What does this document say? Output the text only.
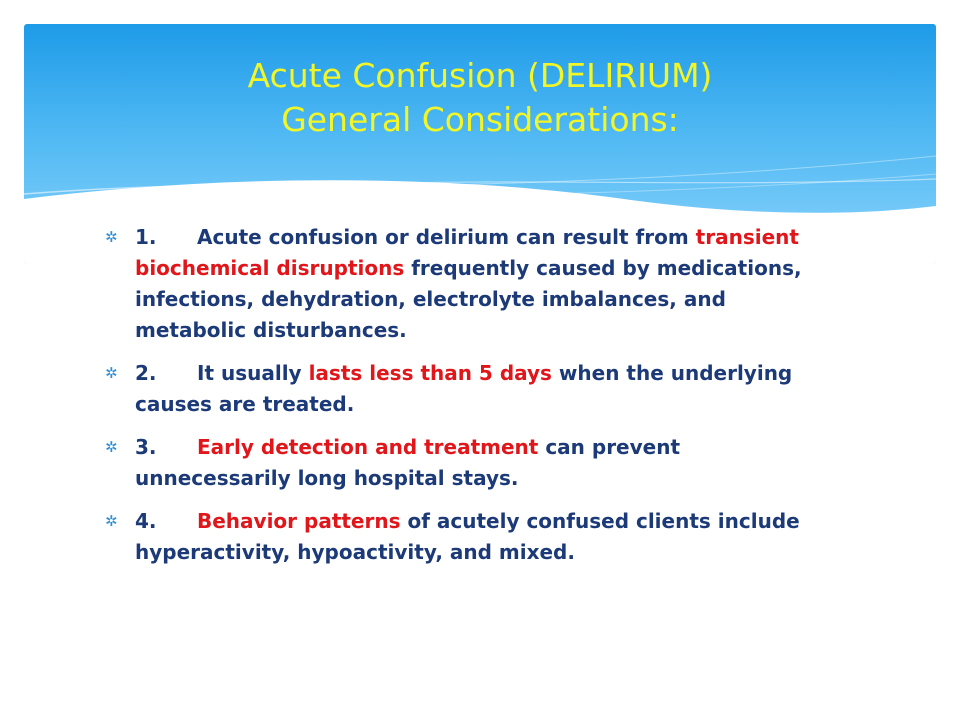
Acute Confusion (DELIRIUM)
General Considerations:
✲ 1. Acute confusion or delirium can result from transient biochemical disruptions frequently caused by medications, infections, dehydration, electrolyte imbalances, and metabolic disturbances.
✲ 2. It usually lasts less than 5 days when the underlying causes are treated.
✲ 3. Early detection and treatment can prevent unnecessarily long hospital stays.
✲ 4. Behavior patterns of acutely confused clients include hyperactivity, hypoactivity, and mixed.
